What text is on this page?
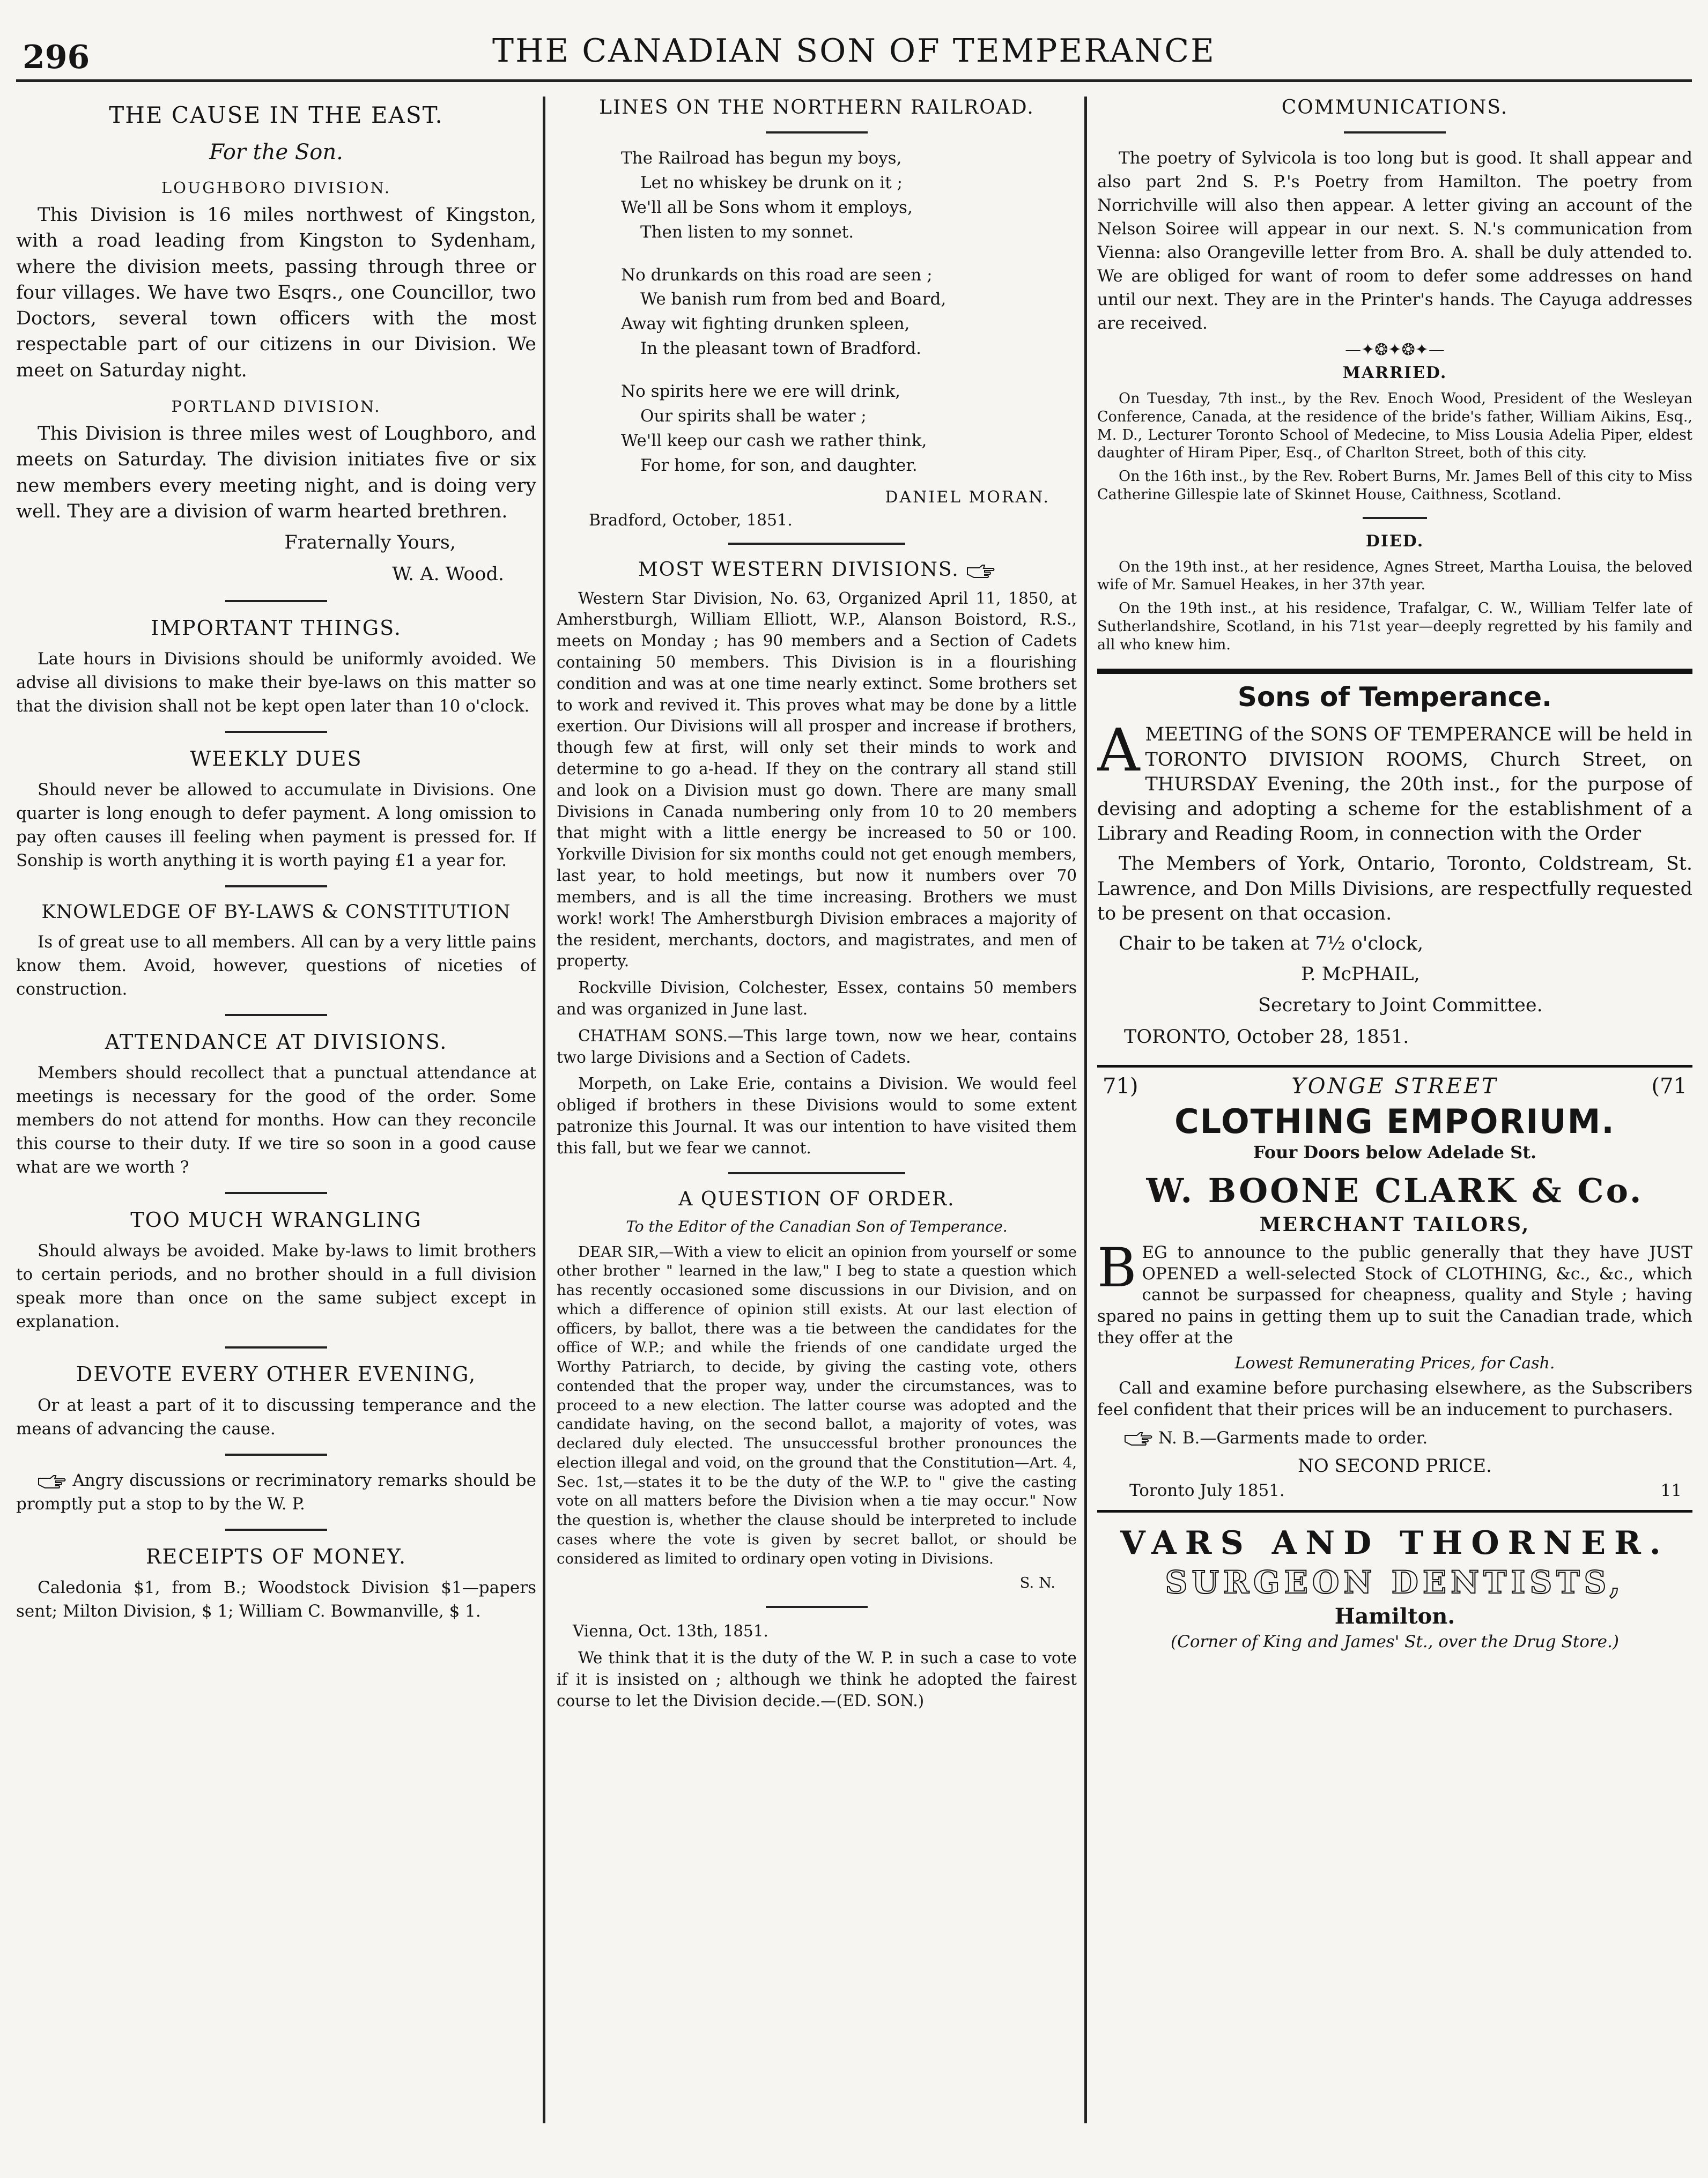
296	THE CANADIAN SON OF TEMPERANCE
THE CAUSE IN THE EAST.
For the Son.
LOUGHBORO DIVISION.

This Division is 16 miles northwest of Kingston, with a road leading from Kingston to Sydenham, where the division meets, passing through three or four villages. We have two Esqrs., one Councillor, two Doctors, several town officers with the most respectable part of our citizens in our Division. We meet on Saturday night.

PORTLAND DIVISION.

This Division is three miles west of Loughboro, and meets on Saturday. The division initiates five or six new members every meeting night, and is doing very well. They are a division of warm hearted brethren.

Fraternally Yours,

W. A. Wood.

IMPORTANT THINGS.

Late hours in Divisions should be uniformly avoided. We advise all divisions to make their bye-laws on this matter so that the division shall not be kept open later than 10 o'clock.

WEEKLY DUES

Should never be allowed to accumulate in Divisions. One quarter is long enough to defer payment. A long omission to pay often causes ill feeling when payment is pressed for. If Sonship is worth anything it is worth paying £1 a year for.

KNOWLEDGE OF BY-LAWS & CONSTITUTION

Is of great use to all members. All can by a very little pains know them. Avoid, however, questions of niceties of construction.

ATTENDANCE AT DIVISIONS.

Members should recollect that a punctual attendance at meetings is necessary for the good of the order. Some members do not attend for months. How can they reconcile this course to their duty. If we tire so soon in a good cause what are we worth ?

TOO MUCH WRANGLING

Should always be avoided. Make by-laws to limit brothers to certain periods, and no brother should in a full division speak more than once on the same subject except in explanation.

DEVOTE EVERY OTHER EVENING,

Or at least a part of it to discussing temperance and the means of advancing the cause.

Angry discussions or recriminatory remarks should be promptly put a stop to by the W. P.

RECEIPTS OF MONEY.

Caledonia $1, from B.; Woodstock Division $1—papers sent; Milton Division, $ 1; William C. Bowmanville, $ 1.

LINES ON THE NORTHERN RAILROAD.
The Railroad has begun my boys,
Let no whiskey be drunk on it ;
We'll all be Sons whom it employs,
Then listen to my sonnet.
No drunkards on this road are seen ;
We banish rum from bed and Board,
Away wit fighting drunken spleen,
In the pleasant town of Bradford.
No spirits here we ere will drink,
Our spirits shall be water ;
We'll keep our cash we rather think,
For home, for son, and daughter.
DANIEL MORAN.
Bradford, October, 1851.
MOST WESTERN DIVISIONS.

Western Star Division, No. 63, Organized April 11, 1850, at Amherstburgh, William Elliott, W.P., Alanson Boistord, R.S., meets on Monday ; has 90 members and a Section of Cadets containing 50 members. This Division is in a flourishing condition and was at one time nearly extinct. Some brothers set to work and revived it. This proves what may be done by a little exertion. Our Divisions will all prosper and increase if brothers, though few at first, will only set their minds to work and determine to go a-head. If they on the contrary all stand still and look on a Division must go down. There are many small Divisions in Canada numbering only from 10 to 20 members that might with a little energy be increased to 50 or 100. Yorkville Division for six months could not get enough members, last year, to hold meetings, but now it numbers over 70 members, and is all the time increasing. Brothers we must work! work! The Amherstburgh Division embraces a majority of the resident, merchants, doctors, and magistrates, and men of property.

Rockville Division, Colchester, Essex, contains 50 members and was organized in June last.

CHATHAM SONS.—This large town, now we hear, contains two large Divisions and a Section of Cadets.

Morpeth, on Lake Erie, contains a Division. We would feel obliged if brothers in these Divisions would to some extent patronize this Journal. It was our intention to have visited them this fall, but we fear we cannot.

A QUESTION OF ORDER.
To the Editor of the Canadian Son of Temperance.

DEAR SIR,—With a view to elicit an opinion from yourself or some other brother " learned in the law," I beg to state a question which has recently occasioned some discussions in our Division, and on which a difference of opinion still exists. At our last election of officers, by ballot, there was a tie between the candidates for the office of W.P.; and while the friends of one candidate urged the Worthy Patriarch, to decide, by giving the casting vote, others contended that the proper way, under the circumstances, was to proceed to a new election. The latter course was adopted and the candidate having, on the second ballot, a majority of votes, was declared duly elected. The unsuccessful brother pronounces the election illegal and void, on the ground that the Constitution—Art. 4, Sec. 1st,—states it to be the duty of the W.P. to " give the casting vote on all matters before the Division when a tie may occur." Now the question is, whether the clause should be interpreted to include cases where the vote is given by secret ballot, or should be considered as limited to ordinary open voting in Divisions.

S. N.

Vienna, Oct. 13th, 1851.

We think that it is the duty of the W. P. in such a case to vote if it is insisted on ; although we think he adopted the fairest course to let the Division decide.—(ED. SON.)

COMMUNICATIONS.

The poetry of Sylvicola is too long but is good. It shall appear and also part 2nd S. P.'s Poetry from Hamilton. The poetry from Norrichville will also then appear. A letter giving an account of the Nelson Soiree will appear in our next. S. N.'s communication from Vienna: also Orangeville letter from Bro. A. shall be duly attended to. We are obliged for want of room to defer some addresses on hand until our next. They are in the Printer's hands. The Cayuga addresses are received.

—✦❂✦❂✦—
MARRIED.

On Tuesday, 7th inst., by the Rev. Enoch Wood, President of the Wesleyan Conference, Canada, at the residence of the bride's father, William Aikins, Esq., M. D., Lecturer Toronto School of Medecine, to Miss Lousia Adelia Piper, eldest daughter of Hiram Piper, Esq., of Charlton Street, both of this city.

On the 16th inst., by the Rev. Robert Burns, Mr. James Bell of this city to Miss Catherine Gillespie late of Skinnet House, Caithness, Scotland.

DIED.

On the 19th inst., at her residence, Agnes Street, Martha Louisa, the beloved wife of Mr. Samuel Heakes, in her 37th year.

On the 19th inst., at his residence, Trafalgar, C. W., William Telfer late of Sutherlandshire, Scotland, in his 71st year—deeply regretted by his family and all who knew him.

Sons of Temperance.

A MEETING of the SONS OF TEMPERANCE will be held in TORONTO DIVISION ROOMS, Church Street, on THURSDAY Evening, the 20th inst., for the purpose of devising and adopting a scheme for the establishment of a Library and Reading Room, in connection with the Order

The Members of York, Ontario, Toronto, Coldstream, St. Lawrence, and Don Mills Divisions, are respectfully requested to be present on that occasion.

Chair to be taken at 7½ o'clock,

P. McPHAIL,

Secretary to Joint Committee.

TORONTO, October 28, 1851.

71)	YONGE STREET	(71
CLOTHING EMPORIUM.
Four Doors below Adelade St.
W. BOONE CLARK & Co.
MERCHANT TAILORS,

B EG to announce to the public generally that they have JUST OPENED a well-selected Stock of CLOTHING, &c., &c., which cannot be surpassed for cheapness, quality and Style ; having spared no pains in getting them up to suit the Canadian trade, which they offer at the

Lowest Remunerating Prices, for Cash.

Call and examine before purchasing elsewhere, as the Subscribers feel confident that their prices will be an inducement to purchasers.

N. B.—Garments made to order.

NO SECOND PRICE.
Toronto July 1851.	11
VARS AND THORNER.
SURGEON DENTISTS,
Hamilton.
(Corner of King and James' St., over the Drug Store.)
